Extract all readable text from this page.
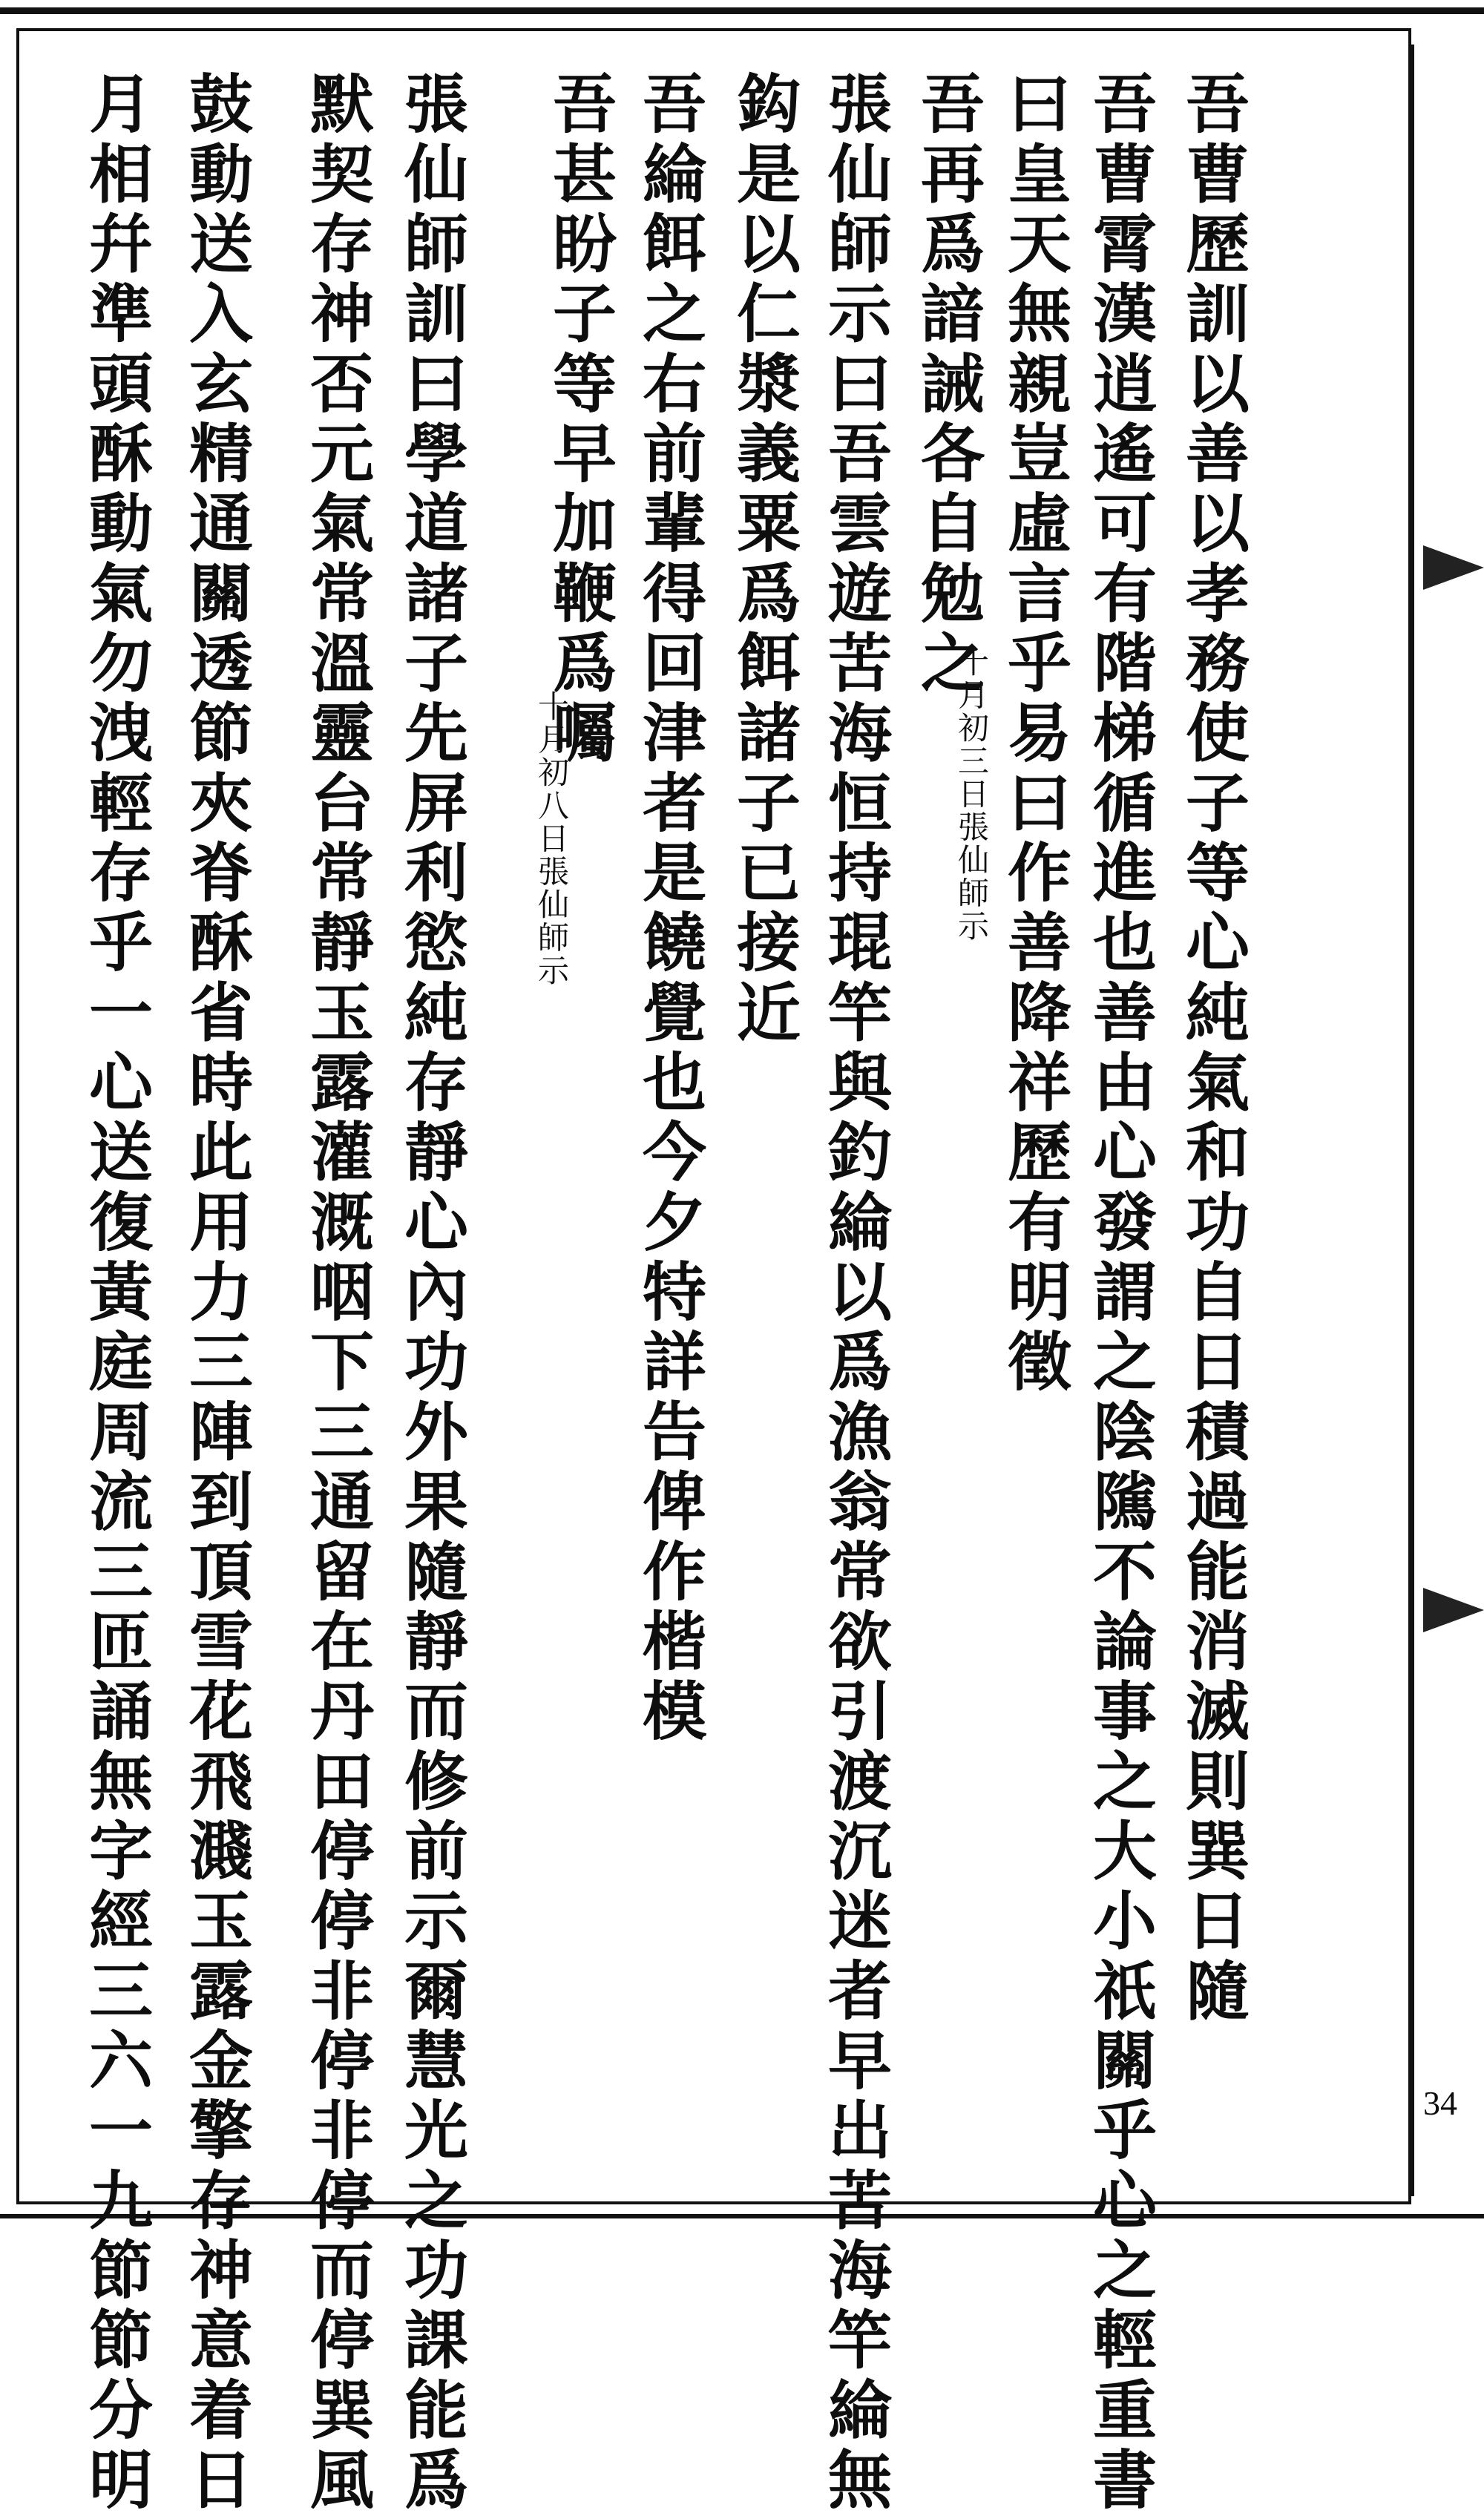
34
吾曹歷訓以善以孝務使子等心純氣和功自日積過能消滅則巽日隨
吾曹霄漢逍遙可有階梯循進也善由心發謂之陰隲不論事之大小祇關乎心之輕重書
曰皇天無親豈虛言乎易曰作善降祥歷有明徵
吾再爲諳誡各自勉之
十月初三日張仙師示
張仙師示曰吾雲遊苦海恒持琨竿與釣綸以爲漁翁常欲引渡沉迷者早出苦海竿綸無
鈎是以仁漿義粟爲餌諸子已接近
吾綸餌之右前輩得回津者是饒覺也今夕特詳告俾作楷模
吾甚盼子等早加鞭爲囑
十月初八日張仙師示
張仙師訓曰學道諸子先屏利慾純存靜心內功外果隨靜而修前示爾慧光之功課能爲
默契存神否元氣常溫靈台常靜玉露灌溉咽下三通留在丹田停停非停非停而停巽風
鼓動送入玄精通關透節夾脊酥省時此用力三陣到頂雪花飛濺玉露金擎存神意着日
月相幷準頭酥動氣勿洩輕存乎一心送復黃庭周流三匝誦無字經三六一九節節分明
